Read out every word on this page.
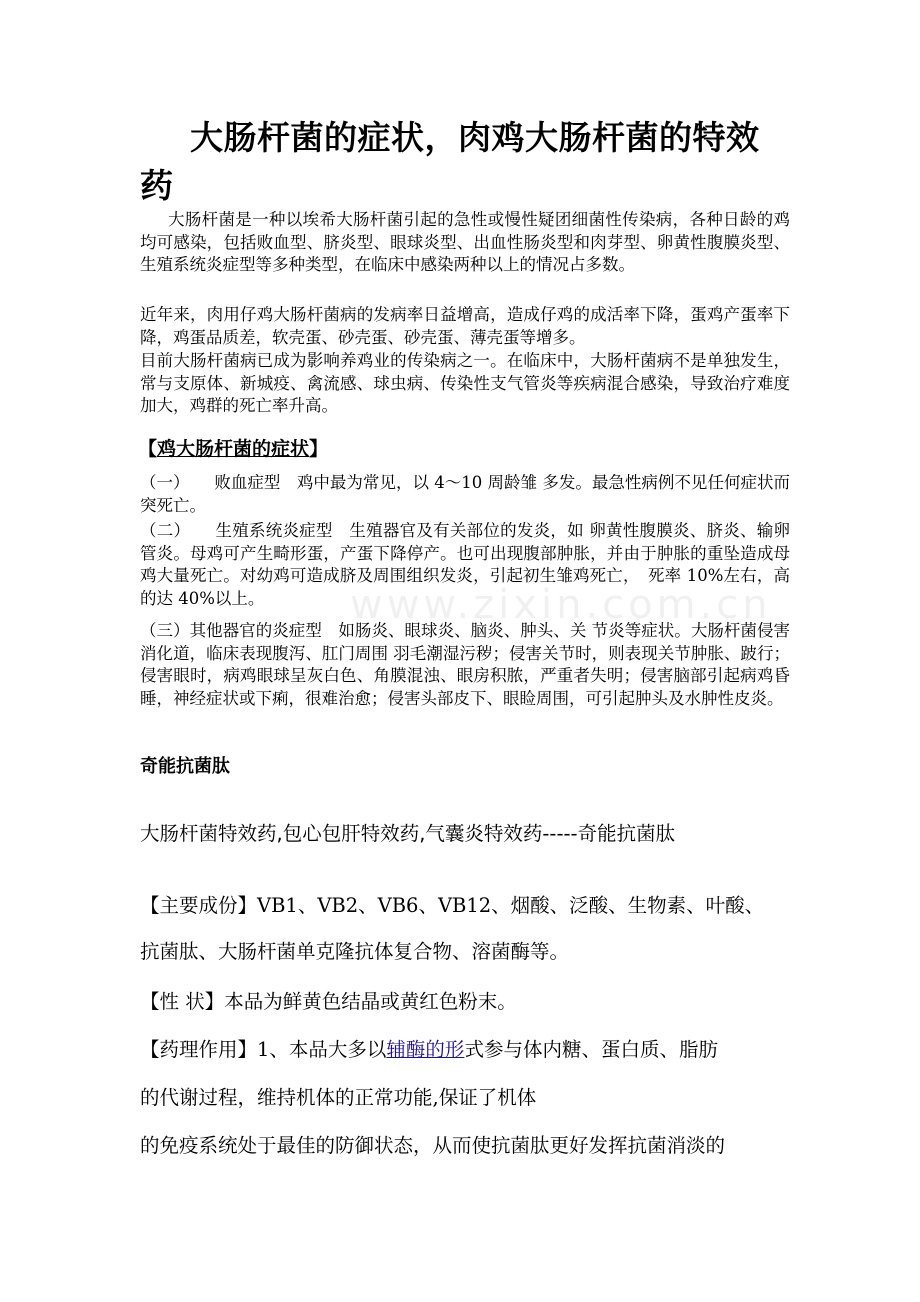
www.zixin.com.cn
大肠杆菌的症状，肉鸡大肠杆菌的特效
药
大肠杆菌是一种以埃希大肠杆菌引起的急性或慢性疑团细菌性传染病，各种日龄的鸡均可感染，包括败血型、脐炎型、眼球炎型、出血性肠炎型和肉芽型、卵黄性腹膜炎型、生殖系统炎症型等多种类型，在临床中感染两种以上的情况占多数。
近年来，肉用仔鸡大肠杆菌病的发病率日益增高，造成仔鸡的成活率下降，蛋鸡产蛋率下降，鸡蛋品质差，软壳蛋、砂壳蛋、砂壳蛋、薄壳蛋等增多。
目前大肠杆菌病已成为影响养鸡业的传染病之一。在临床中，大肠杆菌病不是单独发生，常与支原体、新城疫、禽流感、球虫病、传染性支气管炎等疾病混合感染，导致治疗难度加大，鸡群的死亡率升高。
【鸡大肠杆菌的症状】
（一）　　败血症型　鸡中最为常见，以 4～10 周龄雏 多发。最急性病例不见任何症状而突死亡。
（二）　　生殖系统炎症型　生殖器官及有关部位的发炎，如 卵黄性腹膜炎、脐炎、输卵管炎。母鸡可产生畸形蛋，产蛋下降停产。也可出现腹部肿胀，并由于肿胀的重坠造成母鸡大量死亡。对幼鸡可造成脐及周围组织发炎，引起初生雏鸡死亡，　死率 10%左右，高的达 40%以上。
（三）其他器官的炎症型　如肠炎、眼球炎、脑炎、肿头、关 节炎等症状。大肠杆菌侵害消化道，临床表现腹泻、肛门周围 羽毛潮湿污秽；侵害关节时，则表现关节肿胀、跛行；侵害眼时，病鸡眼球呈灰白色、角膜混浊、眼房积脓，严重者失明；侵害脑部引起病鸡昏睡，神经症状或下痢，很难治愈；侵害头部皮下、眼睑周围，可引起肿头及水肿性皮炎。
奇能抗菌肽
大肠杆菌特效药,包心包肝特效药,气囊炎特效药-----奇能抗菌肽
【主要成份】VB1、VB2、VB6、VB12、烟酸、泛酸、生物素、叶酸、
抗菌肽、大肠杆菌单克隆抗体复合物、溶菌酶等。
【性 状】本品为鲜黄色结晶或黄红色粉末。
【药理作用】1、本品大多以辅酶的形式参与体内糖、蛋白质、脂肪
的代谢过程，维持机体的正常功能,保证了机体
的免疫系统处于最佳的防御状态，从而使抗菌肽更好发挥抗菌消淡的
